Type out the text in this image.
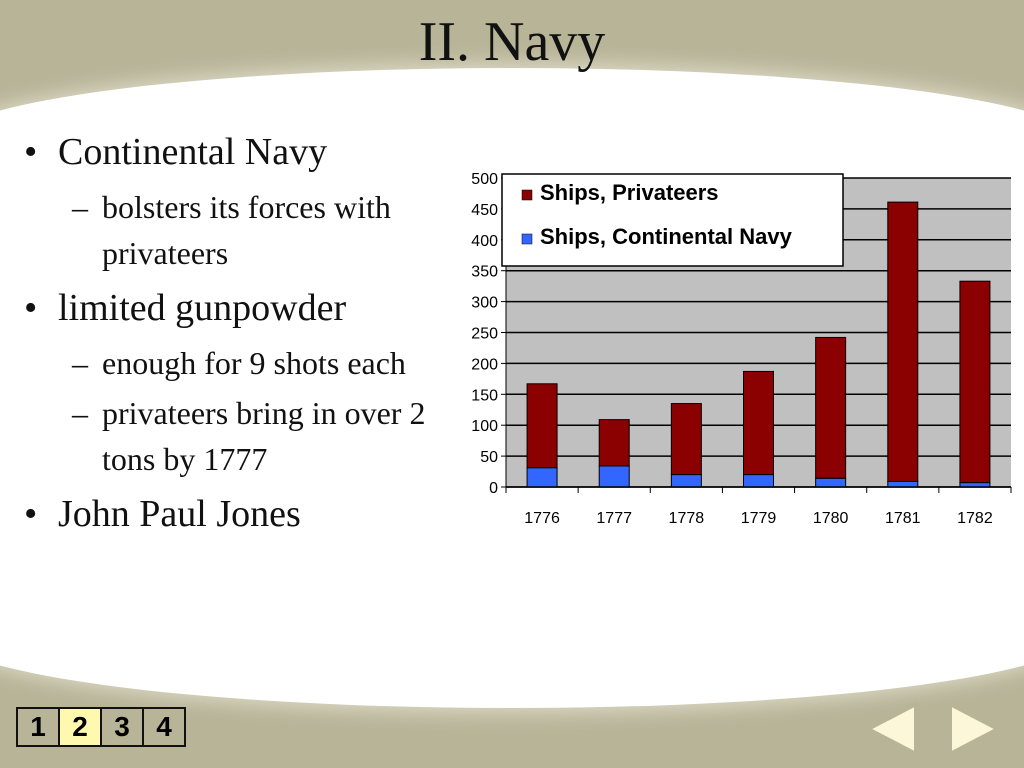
II. Navy
• Continental Navy
– bolsters its forces with privateers
• limited gunpowder
– enough for 9 shots each
– privateers bring in over 2 tons by 1777
• John Paul Jones
0
50
100
150
200
250
300
350
400
450
500
1776 1777 1778 1779 1780 1781 1782
Ships, Privateers
Ships, Continental Navy
1 2 3 4
